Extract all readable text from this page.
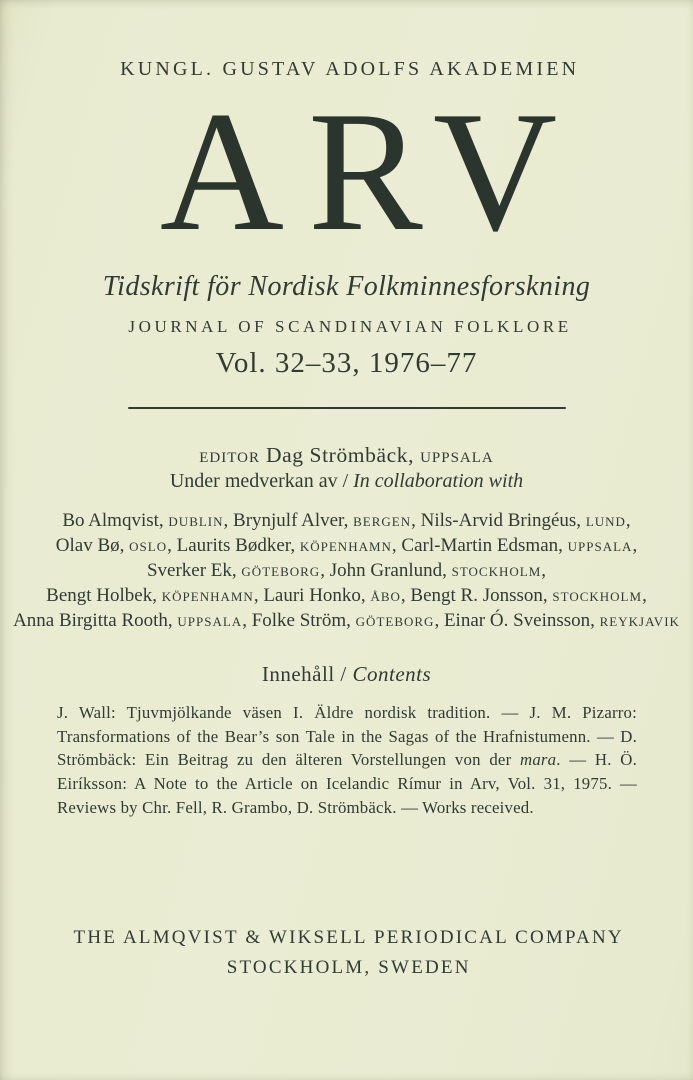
KUNGL. GUSTAV ADOLFS AKADEMIEN
ARV
Tidskrift för Nordisk Folkminnesforskning
JOURNAL OF SCANDINAVIAN FOLKLORE
Vol. 32–33, 1976–77
editor Dag Strömbäck, uppsala
Under medverkan av / In collaboration with
Bo Almqvist, dublin, Brynjulf Alver, bergen, Nils-Arvid Bringéus, lund,
Olav Bø, oslo, Laurits Bødker, köpenhamn, Carl-Martin Edsman, uppsala,
Sverker Ek, göteborg, John Granlund, stockholm,
Bengt Holbek, köpenhamn, Lauri Honko, åbo, Bengt R. Jonsson, stockholm,
Anna Birgitta Rooth, uppsala, Folke Ström, göteborg, Einar Ó. Sveinsson, reykjavik
Innehåll / Contents
J. Wall: Tjuvmjölkande väsen I. Äldre nordisk tradition. — J. M. Pizarro: Transformations of the Bear’s son Tale in the Sagas of the Hrafnistumenn. — D. Strömbäck: Ein Beitrag zu den älteren Vorstellungen von der mara. — H. Ö. Eiríksson: A Note to the Article on Icelandic Rímur in Arv, Vol. 31, 1975. — Reviews by Chr. Fell, R. Grambo, D. Strömbäck. — Works received.
THE ALMQVIST & WIKSELL PERIODICAL COMPANY
STOCKHOLM, SWEDEN
